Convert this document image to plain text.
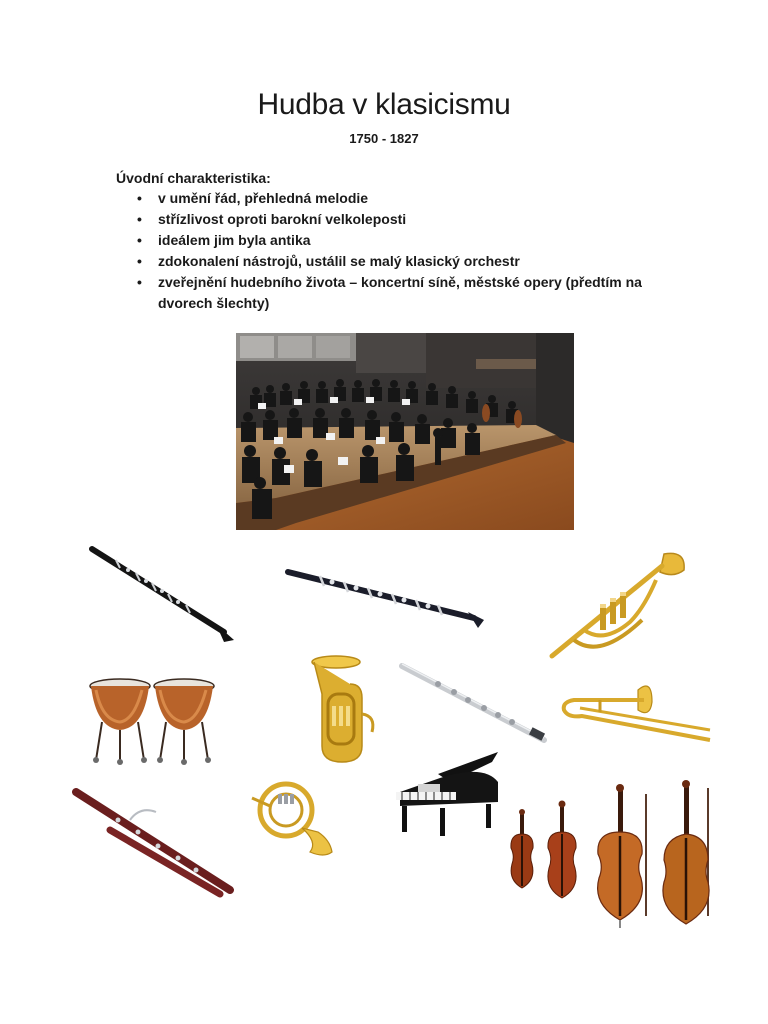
Hudba v klasicismu
1750 - 1827
Úvodní charakteristika:
• v umění řád, přehledná melodie
• střízlivost oproti barokní velkoleposti
• ideálem jim byla antika
• zdokonalení nástrojů, ustálil se malý klasický orchestr
• zveřejnění hudebního života – koncertní síně, městské opery (předtím na dvorech šlechty)
